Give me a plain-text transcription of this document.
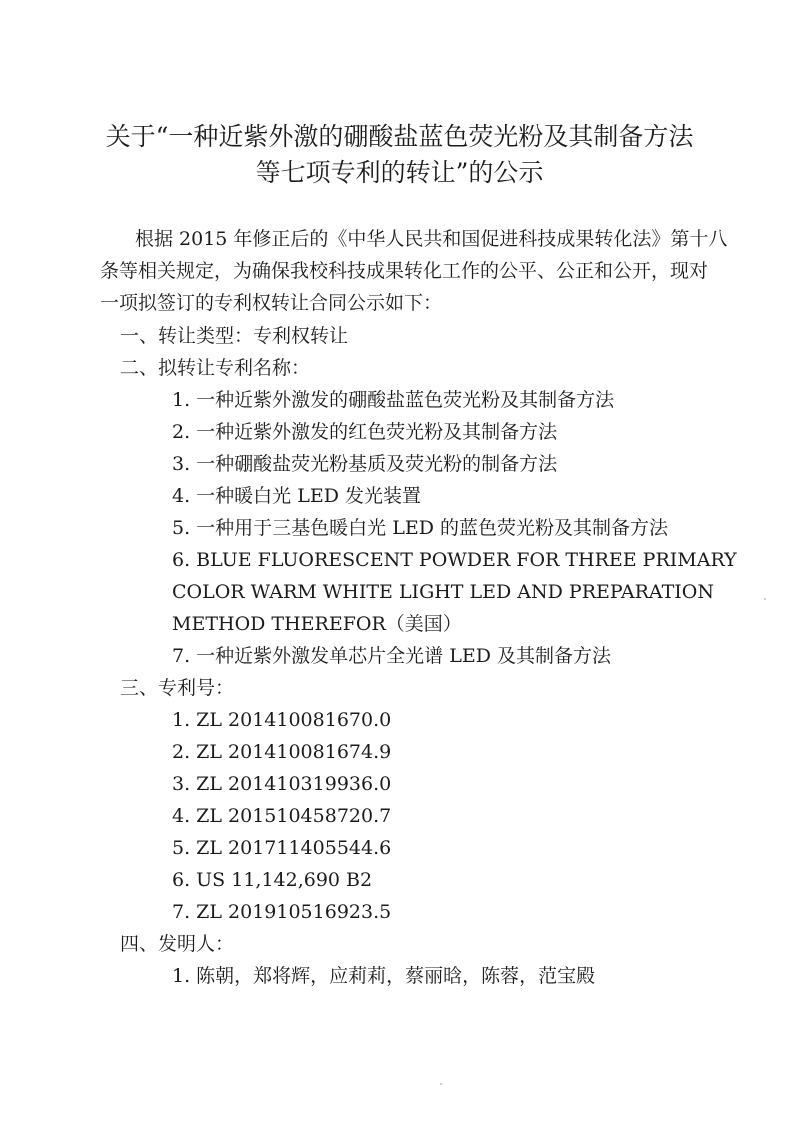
关于“一种近紫外激的硼酸盐蓝色荧光粉及其制备方法
等七项专利的转让”的公示
根据 2015 年修正后的《中华人民共和国促进科技成果转化法》第十八
条等相关规定，为确保我校科技成果转化工作的公平、公正和公开，现对
一项拟签订的专利权转让合同公示如下：
一、转让类型：专利权转让
二、拟转让专利名称：
1. 一种近紫外激发的硼酸盐蓝色荧光粉及其制备方法
2. 一种近紫外激发的红色荧光粉及其制备方法
3. 一种硼酸盐荧光粉基质及荧光粉的制备方法
4. 一种暖白光 LED 发光装置
5. 一种用于三基色暖白光 LED 的蓝色荧光粉及其制备方法
6. BLUE FLUORESCENT POWDER FOR THREE PRIMARY
COLOR WARM WHITE LIGHT LED AND PREPARATION
METHOD THEREFOR（美国）
7. 一种近紫外激发单芯片全光谱 LED 及其制备方法
三、专利号：
1. ZL 201410081670.0
2. ZL 201410081674.9
3. ZL 201410319936.0
4. ZL 201510458720.7
5. ZL 201711405544.6
6. US 11,142,690 B2
7. ZL 201910516923.5
四、发明人：
1. 陈朝，郑将辉，应莉莉，蔡丽晗，陈蓉，范宝殿
